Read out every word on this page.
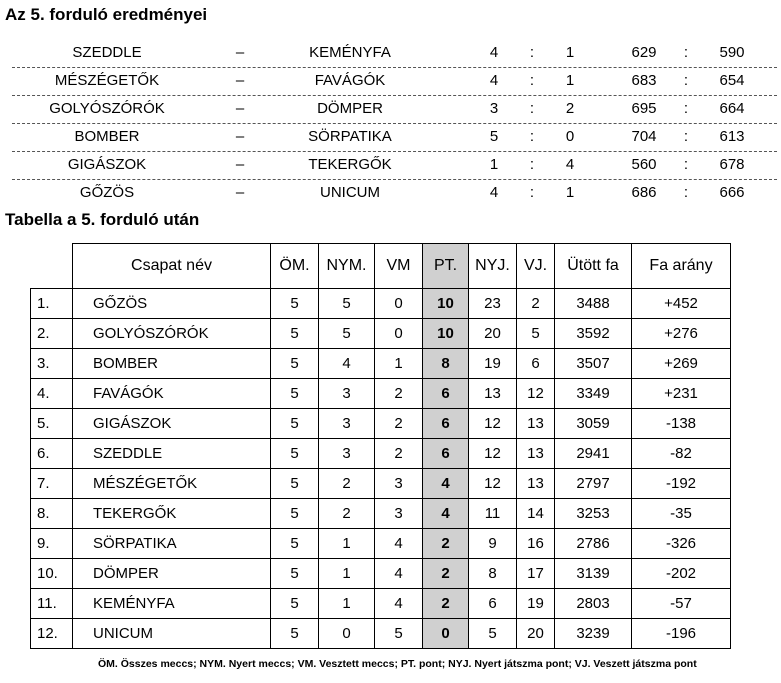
Az 5. forduló eredményei
SZEDDLE	–	KEMÉNYFA	4	:	1	629	:	590
MÉSZÉGETŐK	–	FAVÁGÓK	4	:	1	683	:	654
GOLYÓSZÓRÓK	–	DÖMPER	3	:	2	695	:	664
BOMBER	–	SÖRPATIKA	5	:	0	704	:	613
GIGÁSZOK	–	TEKERGŐK	1	:	4	560	:	678
GŐZÖS	–	UNICUM	4	:	1	686	:	666
Tabella a 5. forduló után
	Csapat név	ÖM.	NYM.	VM	PT.	NYJ.	VJ.	Ütött fa	Fa arány
1.	GŐZÖS	5	5	0	10	23	2	3488	+452
2.	GOLYÓSZÓRÓK	5	5	0	10	20	5	3592	+276
3.	BOMBER	5	4	1	8	19	6	3507	+269
4.	FAVÁGÓK	5	3	2	6	13	12	3349	+231
5.	GIGÁSZOK	5	3	2	6	12	13	3059	-138
6.	SZEDDLE	5	3	2	6	12	13	2941	-82
7.	MÉSZÉGETŐK	5	2	3	4	12	13	2797	-192
8.	TEKERGŐK	5	2	3	4	11	14	3253	-35
9.	SÖRPATIKA	5	1	4	2	9	16	2786	-326
10.	DÖMPER	5	1	4	2	8	17	3139	-202
11.	KEMÉNYFA	5	1	4	2	6	19	2803	-57
12.	UNICUM	5	0	5	0	5	20	3239	-196
ÖM. Összes meccs; NYM. Nyert meccs; VM. Vesztett meccs; PT. pont; NYJ. Nyert játszma pont; VJ. Veszett játszma pont
